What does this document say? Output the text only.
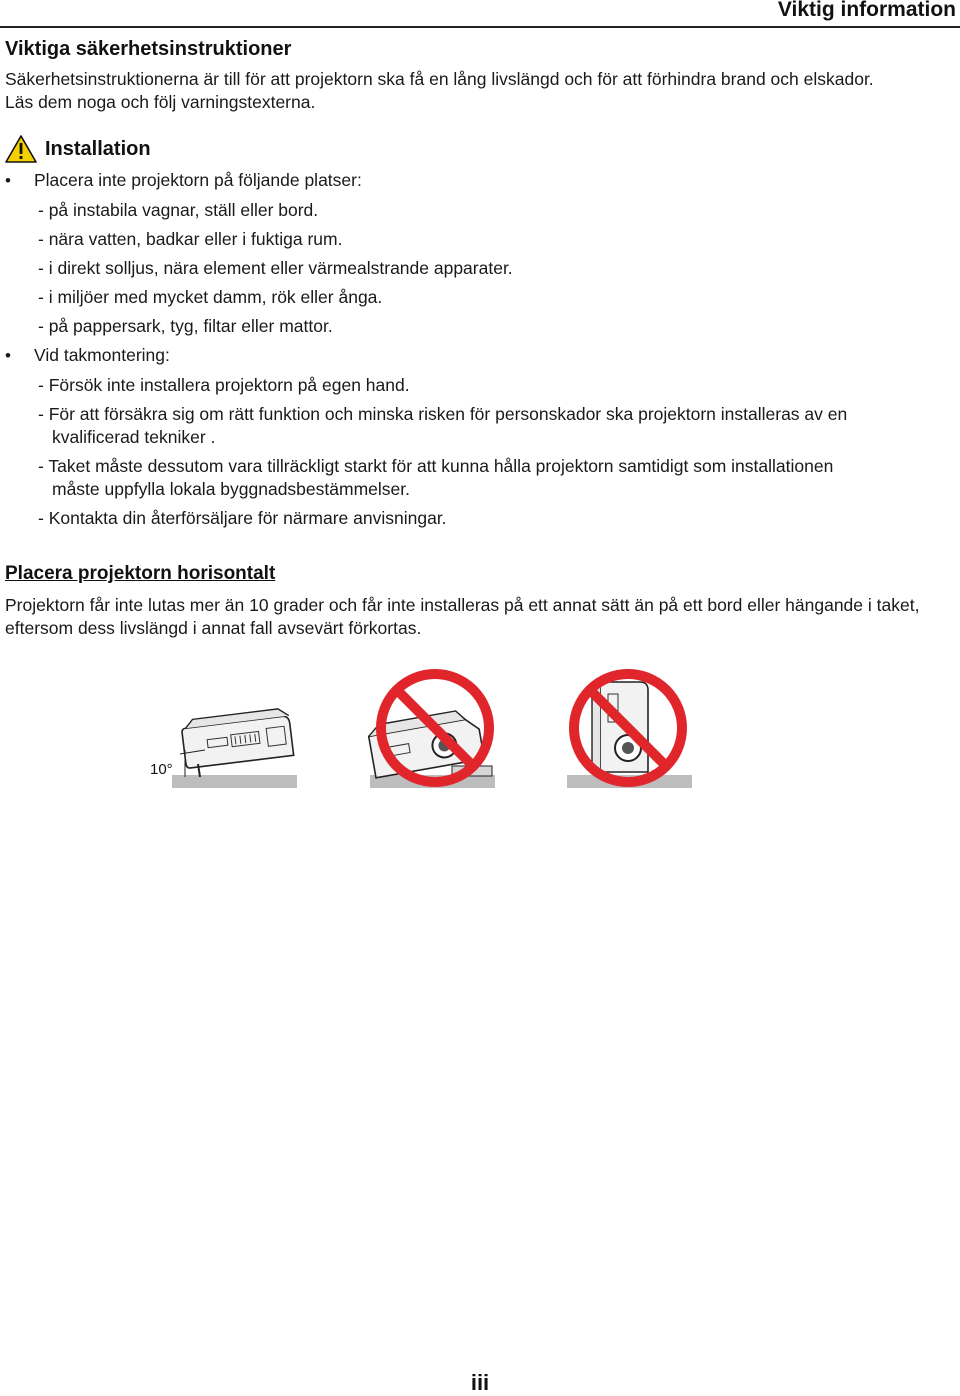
Viktig information
Viktiga säkerhetsinstruktioner
Säkerhetsinstruktionerna är till för att projektorn ska få en lång livslängd och för att förhindra brand och elskador.
Läs dem noga och följ varningstexterna.
Installation
• Placera inte projektorn på följande platser:
- på instabila vagnar, ställ eller bord.
- nära vatten, badkar eller i fuktiga rum.
- i direkt solljus, nära element eller värmealstrande apparater.
- i miljöer med mycket damm, rök eller ånga.
- på pappersark, tyg, filtar eller mattor.
• Vid takmontering:
- Försök inte installera projektorn på egen hand.
- För att försäkra sig om rätt funktion och minska risken för personskador ska projektorn installeras av en
kvalificerad tekniker .
- Taket måste dessutom vara tillräckligt starkt för att kunna hålla projektorn samtidigt som installationen
måste uppfylla lokala byggnadsbestämmelser.
- Kontakta din återförsäljare för närmare anvisningar.
Placera projektorn horisontalt
Projektorn får inte lutas mer än 10 grader och får inte installeras på ett annat sätt än på ett bord eller hängande i taket,
eftersom dess livslängd i annat fall avsevärt förkortas.
10°
iii
